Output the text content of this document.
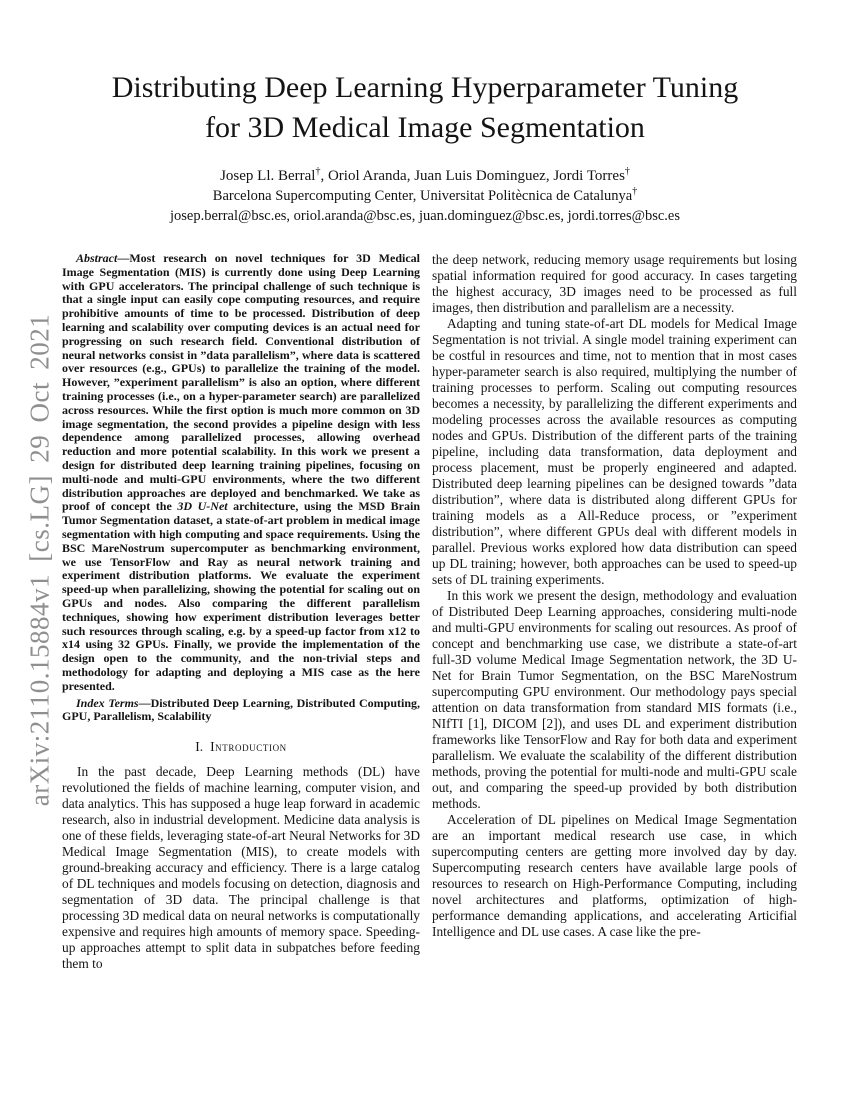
arXiv:2110.15884v1 [cs.LG] 29 Oct 2021
Distributing Deep Learning Hyperparameter Tuning
for 3D Medical Image Segmentation
Josep Ll. Berral†, Oriol Aranda, Juan Luis Dominguez, Jordi Torres†
Barcelona Supercomputing Center, Universitat Politècnica de Catalunya†
josep.berral@bsc.es, oriol.aranda@bsc.es, juan.dominguez@bsc.es, jordi.torres@bsc.es

Abstract—Most research on novel techniques for 3D Medical Image Segmentation (MIS) is currently done using Deep Learning with GPU accelerators. The principal challenge of such technique is that a single input can easily cope computing resources, and require prohibitive amounts of time to be processed. Distribution of deep learning and scalability over computing devices is an actual need for progressing on such research field. Conventional distribution of neural networks consist in ”data parallelism”, where data is scattered over resources (e.g., GPUs) to parallelize the training of the model. However, ”experiment parallelism” is also an option, where different training processes (i.e., on a hyper-parameter search) are parallelized across resources. While the first option is much more common on 3D image segmentation, the second provides a pipeline design with less dependence among parallelized processes, allowing overhead reduction and more potential scalability. In this work we present a design for distributed deep learning training pipelines, focusing on multi-node and multi-GPU environments, where the two different distribution approaches are deployed and benchmarked. We take as proof of concept the 3D U-Net architecture, using the MSD Brain Tumor Segmentation dataset, a state-of-art problem in medical image segmentation with high computing and space requirements. Using the BSC MareNostrum supercomputer as benchmarking environment, we use TensorFlow and Ray as neural network training and experiment distribution platforms. We evaluate the experiment speed-up when parallelizing, showing the potential for scaling out on GPUs and nodes. Also comparing the different parallelism techniques, showing how experiment distribution leverages better such resources through scaling, e.g. by a speed-up factor from x12 to x14 using 32 GPUs. Finally, we provide the implementation of the design open to the community, and the non-trivial steps and methodology for adapting and deploying a MIS case as the here presented.

Index Terms—Distributed Deep Learning, Distributed Computing, GPU, Parallelism, Scalability

I. Introduction

In the past decade, Deep Learning methods (DL) have revolutioned the fields of machine learning, computer vision, and data analytics. This has supposed a huge leap forward in academic research, also in industrial development. Medicine data analysis is one of these fields, leveraging state-of-art Neural Networks for 3D Medical Image Segmentation (MIS), to create models with ground-breaking accuracy and efficiency. There is a large catalog of DL techniques and models focusing on detection, diagnosis and segmentation of 3D data. The principal challenge is that processing 3D medical data on neural networks is computationally expensive and requires high amounts of memory space. Speeding-up approaches attempt to split data in subpatches before feeding them to

the deep network, reducing memory usage requirements but losing spatial information required for good accuracy. In cases targeting the highest accuracy, 3D images need to be processed as full images, then distribution and parallelism are a necessity.

Adapting and tuning state-of-art DL models for Medical Image Segmentation is not trivial. A single model training experiment can be costful in resources and time, not to mention that in most cases hyper-parameter search is also required, multiplying the number of training processes to perform. Scaling out computing resources becomes a necessity, by parallelizing the different experiments and modeling processes across the available resources as computing nodes and GPUs. Distribution of the different parts of the training pipeline, including data transformation, data deployment and process placement, must be properly engineered and adapted. Distributed deep learning pipelines can be designed towards ”data distribution”, where data is distributed along different GPUs for training models as a All-Reduce process, or ”experiment distribution”, where different GPUs deal with different models in parallel. Previous works explored how data distribution can speed up DL training; however, both approaches can be used to speed-up sets of DL training experiments.

In this work we present the design, methodology and evaluation of Distributed Deep Learning approaches, considering multi-node and multi-GPU environments for scaling out resources. As proof of concept and benchmarking use case, we distribute a state-of-art full-3D volume Medical Image Segmentation network, the 3D U-Net for Brain Tumor Segmentation, on the BSC MareNostrum supercomputing GPU environment. Our methodology pays special attention on data transformation from standard MIS formats (i.e., NIfTI [1], DICOM [2]), and uses DL and experiment distribution frameworks like TensorFlow and Ray for both data and experiment parallelism. We evaluate the scalability of the different distribution methods, proving the potential for multi-node and multi-GPU scale out, and comparing the speed-up provided by both distribution methods.

Acceleration of DL pipelines on Medical Image Segmentation are an important medical research use case, in which supercomputing centers are getting more involved day by day. Supercomputing research centers have available large pools of resources to research on High-Performance Computing, including novel architectures and platforms, optimization of high-performance demanding applications, and accelerating Articifial Intelligence and DL use cases. A case like the pre-
